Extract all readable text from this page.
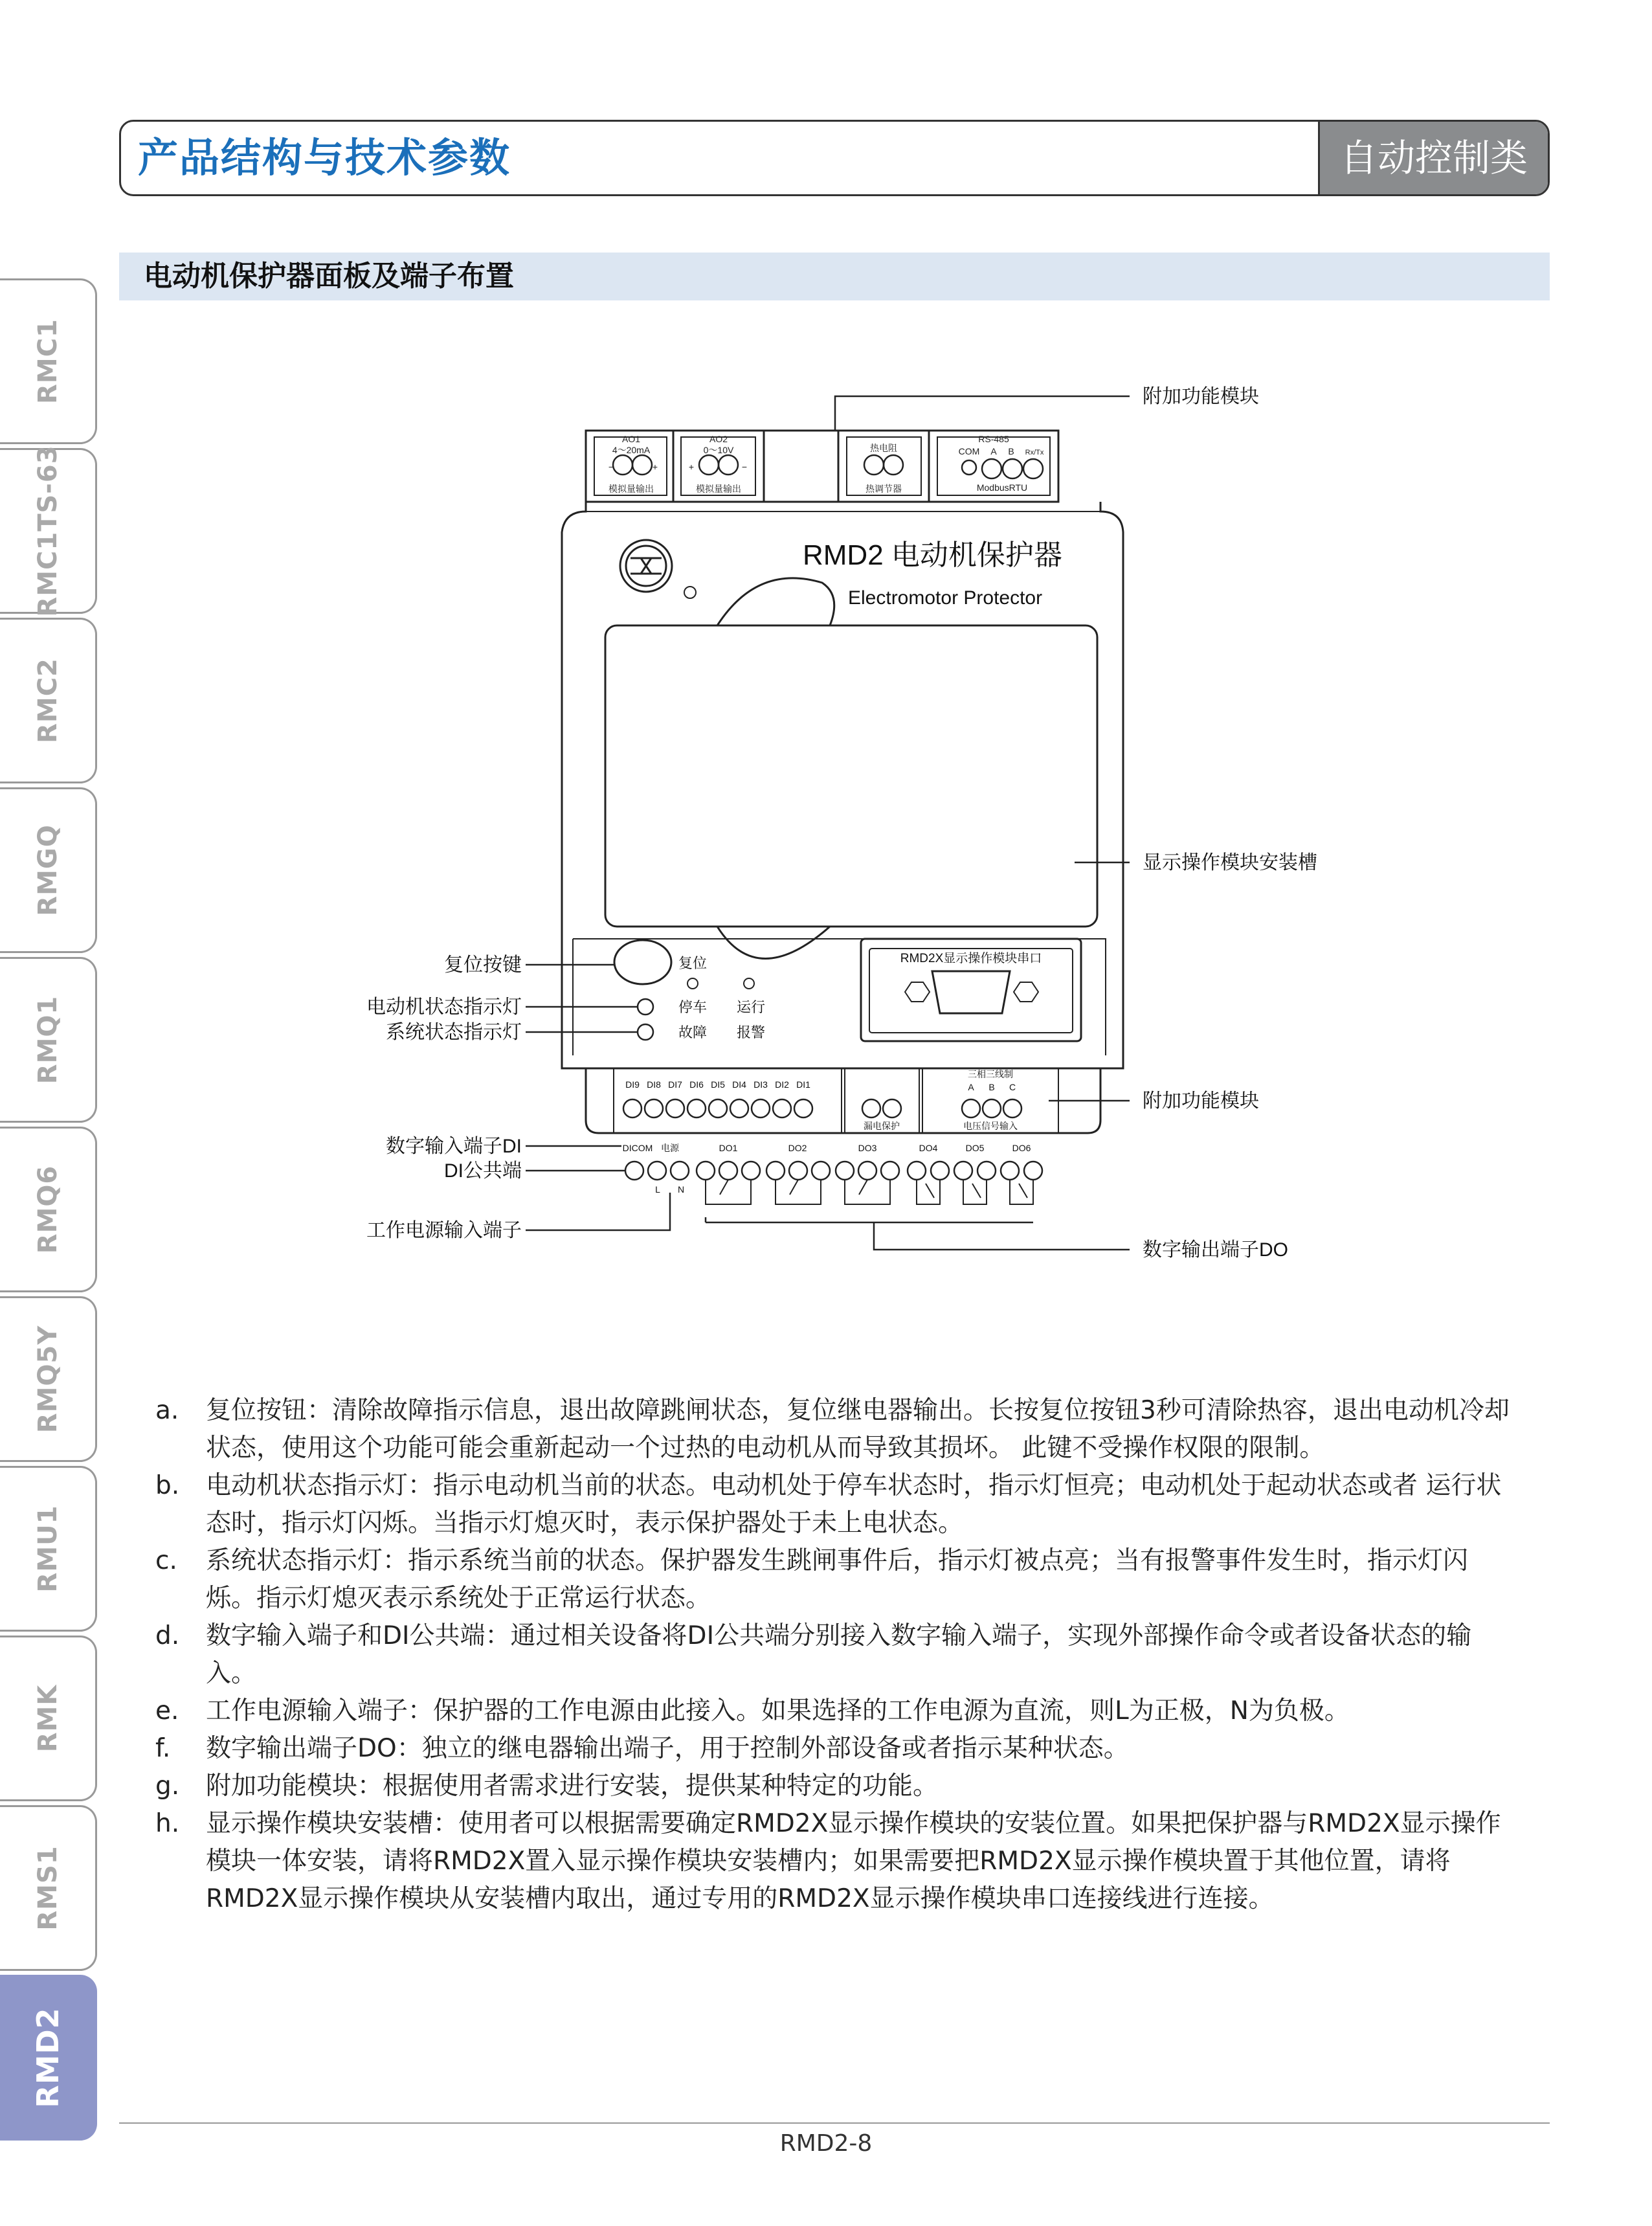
产品结构与技术参数	自动控制类
RMC1
RMC1TS-63
RMC2
RMGQ
RMQ1
RMQ6
RMQ5Y
RMU1
RMK
RMS1
RMD2
电动机保护器面板及端子布置
AO1
4～20mA
−	+
模拟量输出
AO2
0～10V
+	−
模拟量输出
热电阻
热调节器
RS-485
COM A B Rx/Tx
ModbusRTU
RMD2 电动机保护器
Electromotor Protector
复位
停车 运行
故障 报警
RMD2X显示操作模块串口
DI9 DI8 DI7 DI6 DI5 DI4 DI3 DI2 DI1
漏电保护
三相三线制
A B C
电压信号输入
DICOM 电源
L N
DO1	DO2	DO3	DO4	DO5	DO6
附加功能模块
显示操作模块安装槽
复位按键
电动机状态指示灯
系统状态指示灯
附加功能模块
数字输入端子DI
DI公共端
工作电源输入端子
数字输出端子DO

a. 复位按钮：清除故障指示信息，退出故障跳闸状态，复位继电器输出。长按复位按钮3秒可清除热容，退出电动机冷却状态，使用这个功能可能会重新起动一个过热的电动机从而导致其损坏。 此键不受操作权限的限制。

b. 电动机状态指示灯：指示电动机当前的状态。电动机处于停车状态时，指示灯恒亮；电动机处于起动状态或者 运行状态时，指示灯闪烁。当指示灯熄灭时，表示保护器处于未上电状态。

c. 系统状态指示灯：指示系统当前的状态。保护器发生跳闸事件后，指示灯被点亮；当有报警事件发生时，指示灯闪烁。指示灯熄灭表示系统处于正常运行状态。

d. 数字输入端子和DI公共端：通过相关设备将DI公共端分别接入数字输入端子，实现外部操作命令或者设备状态的输入。

e. 工作电源输入端子：保护器的工作电源由此接入。如果选择的工作电源为直流，则L为正极，N为负极。

f. 数字输出端子DO：独立的继电器输出端子，用于控制外部设备或者指示某种状态。

g. 附加功能模块：根据使用者需求进行安装，提供某种特定的功能。

h. 显示操作模块安装槽：使用者可以根据需要确定RMD2X显示操作模块的安装位置。如果把保护器与RMD2X显示操作模块一体安装，请将RMD2X置入显示操作模块安装槽内；如果需要把RMD2X显示操作模块置于其他位置，请将RMD2X显示操作模块从安装槽内取出，通过专用的RMD2X显示操作模块串口连接线进行连接。

RMD2-8
